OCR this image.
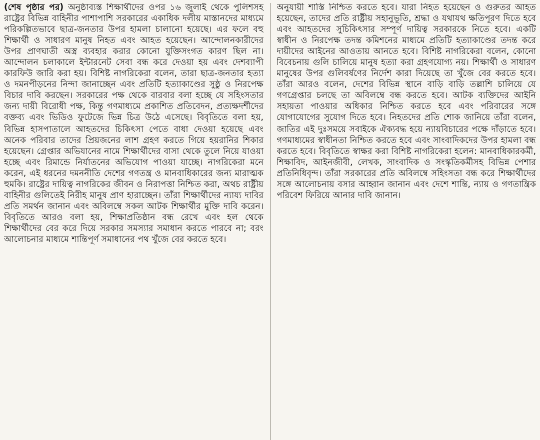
(শেষ পৃষ্ঠার পর) অনুষ্ঠাব্যস্ত শিক্ষার্থীদের ওপর ১৬ জুলাই থেকে পুলিশসহ রাষ্ট্রের বিভিন্ন বাহিনীর পাশাপাশি সরকারের একাধিক দলীয় মাস্তানদের মাধ্যমে পরিকল্পিতভাবে ছাত্র-জনতার উপর হামলা চালানো হয়েছে। এর ফলে বহু শিক্ষার্থী ও সাধারণ মানুষ নিহত এবং আহত হয়েছেন। আন্দোলনকারীদের উপর প্রাণঘাতী অস্ত্র ব্যবহার করার কোনো যুক্তিসংগত কারণ ছিল না। আন্দোলন চলাকালে ইন্টারনেট সেবা বন্ধ করে দেওয়া হয় এবং দেশব্যাপী কারফিউ জারি করা হয়। বিশিষ্ট নাগরিকেরা বলেন, তারা ছাত্র-জনতার হত্যা ও দমনপীড়নের নিন্দা জানাচ্ছেন এবং প্রতিটি হত্যাকাণ্ডের সুষ্ঠু ও নিরপেক্ষ বিচার দাবি করছেন। সরকারের পক্ষ থেকে বারবার বলা হচ্ছে যে সহিংসতার জন্য দায়ী বিরোধী পক্ষ, কিন্তু গণমাধ্যমে প্রকাশিত প্রতিবেদন, প্রত্যক্ষদর্শীদের বক্তব্য এবং ভিডিও ফুটেজে ভিন্ন চিত্র উঠে এসেছে। বিবৃতিতে বলা হয়, বিভিন্ন হাসপাতালে আহতদের চিকিৎসা পেতে বাধা দেওয়া হয়েছে এবং অনেক পরিবার তাদের প্রিয়জনের লাশ গ্রহণ করতে গিয়ে হয়রানির শিকার হয়েছেন। গ্রেপ্তার অভিযানের নামে শিক্ষার্থীদের বাসা থেকে তুলে নিয়ে যাওয়া হচ্ছে এবং রিমান্ডে নির্যাতনের অভিযোগ পাওয়া যাচ্ছে। নাগরিকেরা মনে করেন, এই ধরনের দমননীতি দেশের গণতন্ত্র ও মানবাধিকারের জন্য মারাত্মক হুমকি। রাষ্ট্রের দায়িত্ব নাগরিকের জীবন ও নিরাপত্তা নিশ্চিত করা, অথচ রাষ্ট্রীয় বাহিনীর গুলিতেই নিরীহ মানুষ প্রাণ হারাচ্ছেন। তাঁরা শিক্ষার্থীদের ন্যায্য দাবির প্রতি সমর্থন জানান এবং অবিলম্বে সকল আটক শিক্ষার্থীর মুক্তি দাবি করেন। বিবৃতিতে আরও বলা হয়, শিক্ষাপ্রতিষ্ঠান বন্ধ রেখে এবং হল থেকে শিক্ষার্থীদের বের করে দিয়ে সরকার সমস্যার সমাধান করতে পারবে না; বরং আলোচনার মাধ্যমে শান্তিপূর্ণ সমাধানের পথ খুঁজে বের করতে হবে।

অনুযায়ী শাস্তি নিশ্চিত করতে হবে। যারা নিহত হয়েছেন ও গুরুতর আহত হয়েছেন, তাদের প্রতি রাষ্ট্রীয় সহানুভূতি, শ্রদ্ধা ও যথাযথ ক্ষতিপূরণ দিতে হবে এবং আহতদের সুচিকিৎসার সম্পূর্ণ দায়িত্ব সরকারকে নিতে হবে। একটি স্বাধীন ও নিরপেক্ষ তদন্ত কমিশনের মাধ্যমে প্রতিটি হত্যাকাণ্ডের তদন্ত করে দায়ীদের আইনের আওতায় আনতে হবে। বিশিষ্ট নাগরিকেরা বলেন, কোনো বিবেচনায় গুলি চালিয়ে মানুষ হত্যা করা গ্রহণযোগ্য নয়। শিক্ষার্থী ও সাধারণ মানুষের উপর গুলিবর্ষণের নির্দেশ কারা দিয়েছে তা খুঁজে বের করতে হবে। তাঁরা আরও বলেন, দেশের বিভিন্ন স্থানে বাড়ি বাড়ি তল্লাশি চালিয়ে যে গণগ্রেপ্তার চলছে তা অবিলম্বে বন্ধ করতে হবে। আটক ব্যক্তিদের আইনি সহায়তা পাওয়ার অধিকার নিশ্চিত করতে হবে এবং পরিবারের সঙ্গে যোগাযোগের সুযোগ দিতে হবে। নিহতদের প্রতি শোক জানিয়ে তাঁরা বলেন, জাতির এই দুঃসময়ে সবাইকে ঐক্যবদ্ধ হয়ে ন্যায়বিচারের পক্ষে দাঁড়াতে হবে। গণমাধ্যমের স্বাধীনতা নিশ্চিত করতে হবে এবং সাংবাদিকদের উপর হামলা বন্ধ করতে হবে। বিবৃতিতে স্বাক্ষর করা বিশিষ্ট নাগরিকেরা হলেন: মানবাধিকারকর্মী, শিক্ষাবিদ, আইনজীবী, লেখক, সাংবাদিক ও সংস্কৃতিকর্মীসহ বিভিন্ন পেশার প্রতিনিধিবৃন্দ। তাঁরা সরকারের প্রতি অবিলম্বে সহিংসতা বন্ধ করে শিক্ষার্থীদের সঙ্গে আলোচনায় বসার আহ্বান জানান এবং দেশে শান্তি, ন্যায় ও গণতান্ত্রিক পরিবেশ ফিরিয়ে আনার দাবি জানান।
